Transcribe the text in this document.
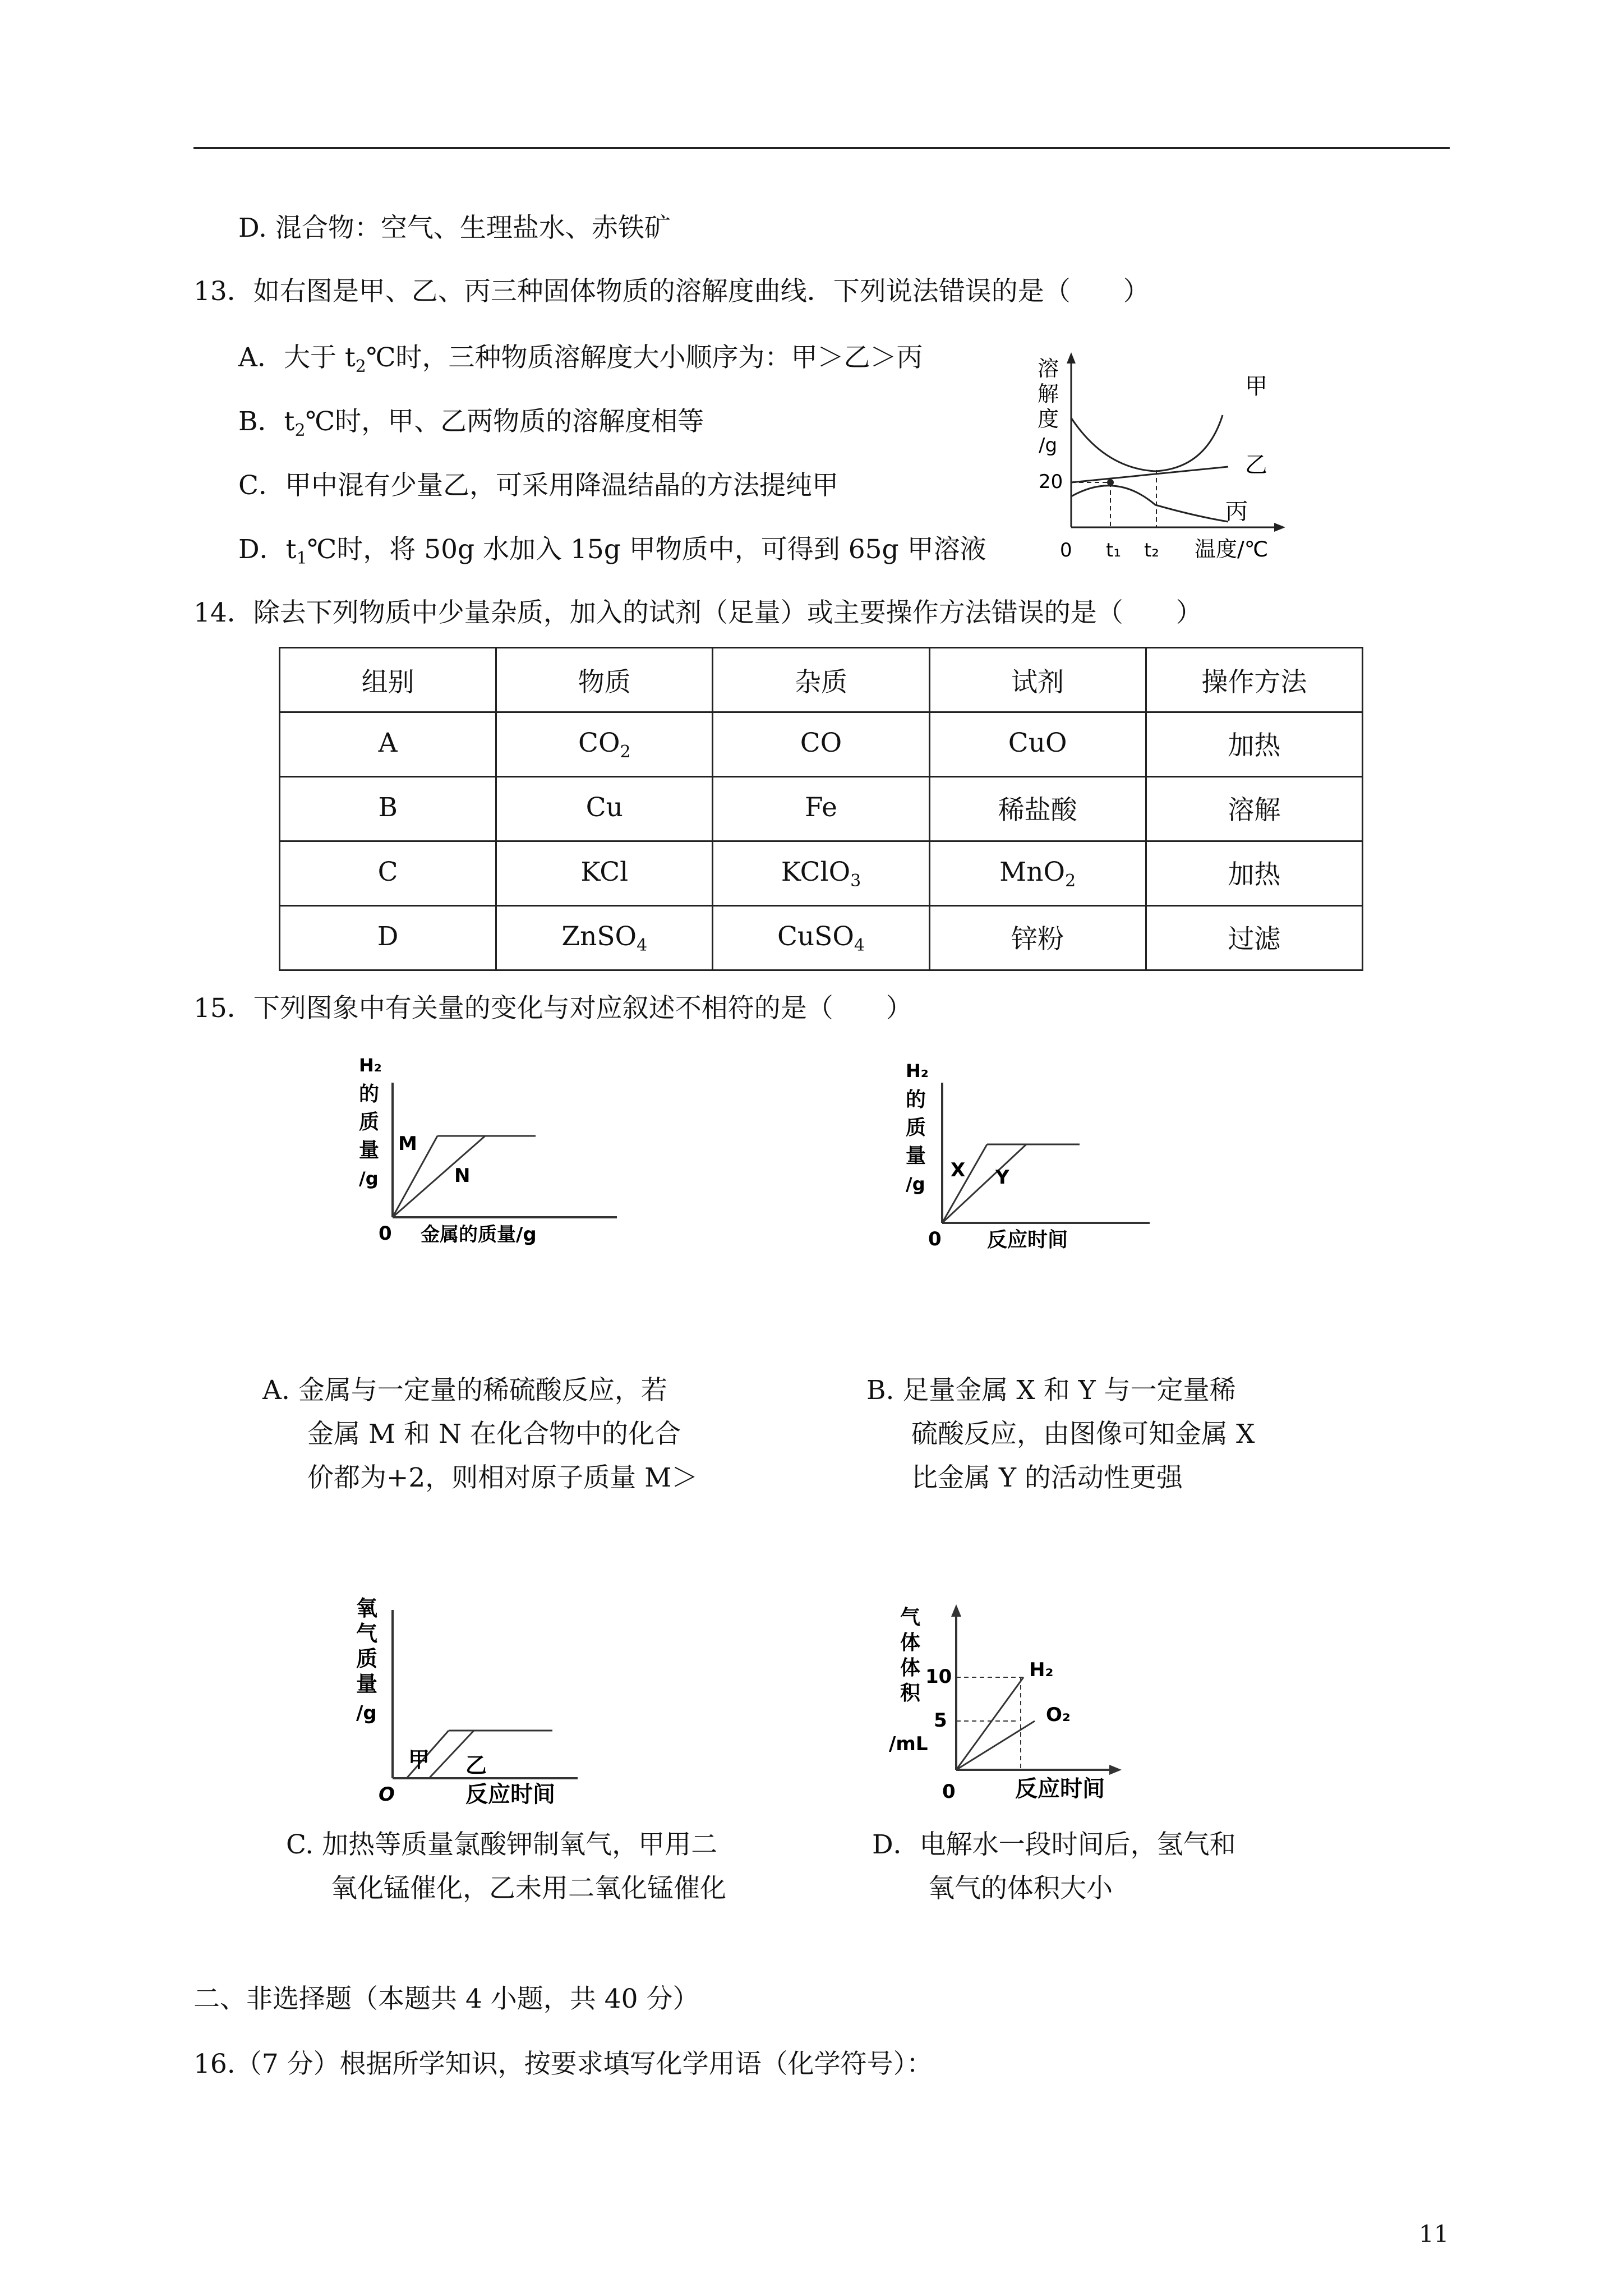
D. 混合物：空气、生理盐水、赤铁矿
13．如右图是甲、乙、丙三种固体物质的溶解度曲线．下列说法错误的是（　　）
A．大于 $t_2℃$时，三种物质溶解度大小顺序为：甲＞乙＞丙
B．$t_2℃$时，甲、乙两物质的溶解度相等
C．甲中混有少量乙，可采用降温结晶的方法提纯甲
D．$t_1℃$时，将 50g 水加入 15g 甲物质中，可得到 65g 甲溶液
溶
解
度
/g
20
0 t₁ t₂ 温度/℃
甲
乙
丙
14．除去下列物质中少量杂质，加入的试剂（足量）或主要操作方法错误的是（　　）
组别	物质	杂质	试剂	操作方法
A	$CO_2$	CO	CuO	加热
B	Cu	Fe	稀盐酸	溶解
C	KCl	KClO$_3$	MnO$_2$	加热
D	ZnSO$_4$	CuSO$_4$	锌粉	过滤
15．下列图象中有关量的变化与对应叙述不相符的是（　　）
H₂
的
质
量
/g
0 金属的质量/g
M
N
H₂
的
质
量
/g
0 反应时间
X Y
A. 金属与一定量的稀硫酸反应，若
金属 M 和 N 在化合物中的化合
价都为+2，则相对原子质量 M＞
B. 足量金属 X 和 Y 与一定量稀
硫酸反应，由图像可知金属 X
比金属 Y 的活动性更强
氧
气
质
量
/g
O	反应时间
甲 乙
气
体
体
积
/mL
10
5
0	反应时间
H₂
O₂
C. 加热等质量氯酸钾制氧气，甲用二
氧化锰催化，乙未用二氧化锰催化
D．电解水一段时间后，氢气和
氧气的体积大小
二、非选择题（本题共 4 小题，共 40 分）
16.（7 分）根据所学知识，按要求填写化学用语（化学符号）：
11
